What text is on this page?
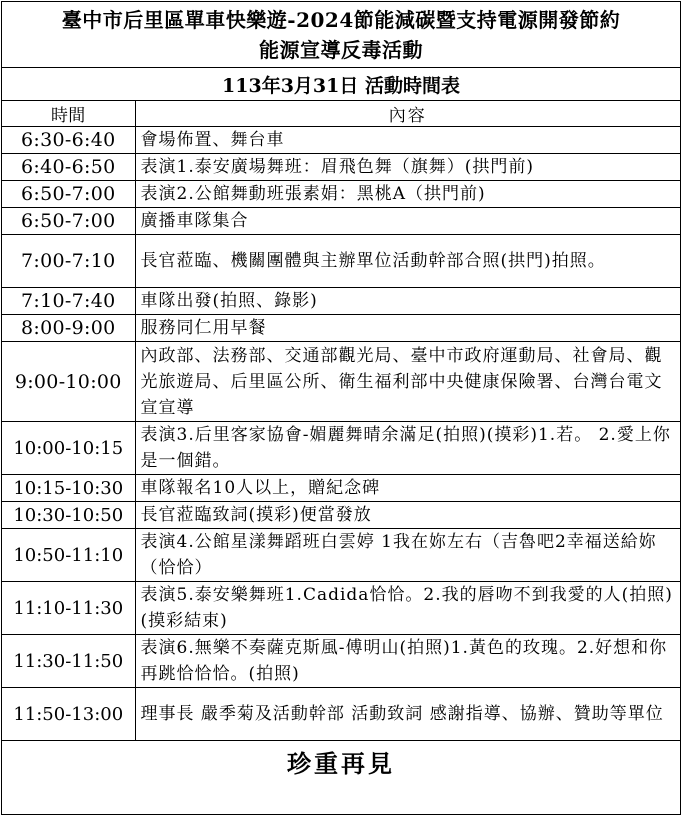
臺中市后里區單車快樂遊-2024節能減碳暨支持電源開發節約
能源宣導反毒活動
113年3月31日 活動時間表
時間	內容
6:30-6:40	會場佈置、舞台車
6:40-6:50	表演1.泰安廣場舞班：眉飛色舞（旗舞）(拱門前)
6:50-7:00	表演2.公館舞動班張素娟：黑桃A（拱門前)
6:50-7:00	廣播車隊集合
7:00-7:10	長官蒞臨、機關團體與主辦單位活動幹部合照(拱門)拍照。
7:10-7:40	車隊出發(拍照、錄影)
8:00-9:00	服務同仁用早餐
9:00-10:00	內政部、法務部、交通部觀光局、臺中市政府運動局、社會局、觀光旅遊局、后里區公所、衛生福利部中央健康保險署、台灣台電文宣宣導
10:00-10:15	表演3.后里客家協會-媚麗舞晴余滿足(拍照)(摸彩)1.若。 2.愛上你是一個錯。
10:15-10:30	車隊報名10人以上，贈紀念碑
10:30-10:50	長官蒞臨致詞(摸彩)便當發放
10:50-11:10	表演4.公館星漾舞蹈班白雲婷 1我在妳左右（吉魯吧2幸福送給妳（恰恰）
11:10-11:30	表演5.泰安樂舞班1.Cadida恰恰。2.我的唇吻不到我愛的人(拍照)(摸彩結束)
11:30-11:50	表演6.無樂不奏薩克斯風-傅明山(拍照)1.黃色的玫瑰。2.好想和你再跳恰恰恰。(拍照)
11:50-13:00	理事長 嚴季菊及活動幹部 活動致詞 感謝指導、協辦、贊助等單位
珍重再見
